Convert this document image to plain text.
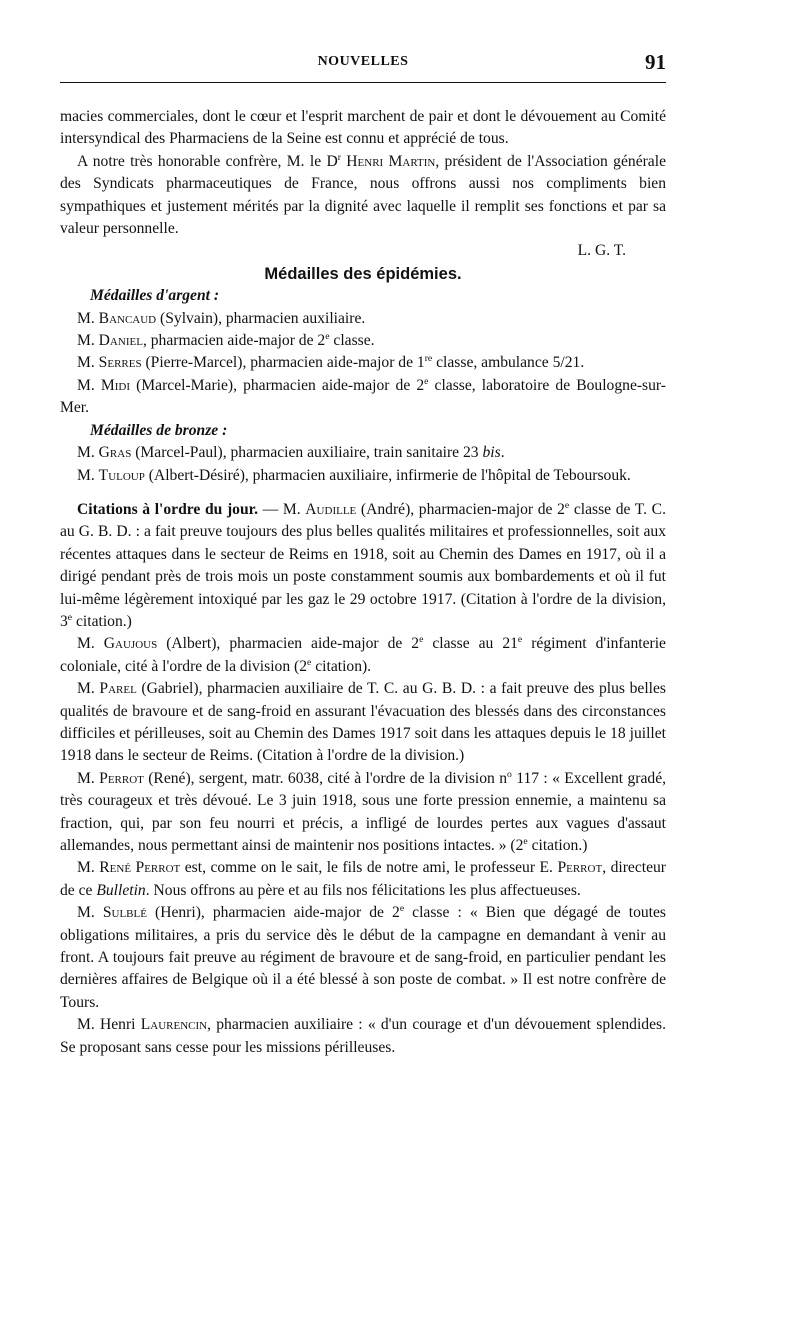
NOUVELLES	91

macies commerciales, dont le cœur et l'esprit marchent de pair et dont le dévouement au Comité intersyndical des Pharmaciens de la Seine est connu et apprécié de tous.

A notre très honorable confrère, M. le $D^r$ Henri Martin, président de l'Association générale des Syndicats pharmaceutiques de France, nous offrons aussi nos compliments bien sympathiques et justement mérités par la dignité avec laquelle il remplit ses fonctions et par sa valeur personnelle.

L. G. T.

Médailles des épidémies.

Médailles d'argent :

M. Bancaud (Sylvain), pharmacien auxiliaire.

M. Daniel, pharmacien aide-major de 2e classe.

M. Serres (Pierre-Marcel), pharmacien aide-major de 1re classe, ambulance 5/21.

M. Midi (Marcel-Marie), pharmacien aide-major de 2e classe, laboratoire de Boulogne-sur-Mer.

Médailles de bronze :

M. Gras (Marcel-Paul), pharmacien auxiliaire, train sanitaire 23 bis.

M. Tuloup (Albert-Désiré), pharmacien auxiliaire, infirmerie de l'hôpital de Teboursouk.

Citations à l'ordre du jour. — M. Audille (André), pharmacien-major de 2e classe de T. C. au G. B. D. : a fait preuve toujours des plus belles qualités militaires et professionnelles, soit aux récentes attaques dans le secteur de Reims en 1918, soit au Chemin des Dames en 1917, où il a dirigé pendant près de trois mois un poste constamment soumis aux bombardements et où il fut lui-même légèrement intoxiqué par les gaz le 29 octobre 1917. (Citation à l'ordre de la division, 3e citation.)

M. Gaujous (Albert), pharmacien aide-major de 2e classe au 21e régiment d'infanterie coloniale, cité à l'ordre de la division (2e citation).

M. Parel (Gabriel), pharmacien auxiliaire de T. C. au G. B. D. : a fait preuve des plus belles qualités de bravoure et de sang-froid en assurant l'évacuation des blessés dans des circonstances difficiles et périlleuses, soit au Chemin des Dames 1917 soit dans les attaques depuis le 18 juillet 1918 dans le secteur de Reims. (Citation à l'ordre de la division.)

M. Perrot (René), sergent, matr. 6038, cité à l'ordre de la division $n^o$ 117 : « Excellent gradé, très courageux et très dévoué. Le 3 juin 1918, sous une forte pression ennemie, a maintenu sa fraction, qui, par son feu nourri et précis, a infligé de lourdes pertes aux vagues d'assaut allemandes, nous permettant ainsi de maintenir nos positions intactes. » (2e citation.)

M. René Perrot est, comme on le sait, le fils de notre ami, le professeur E. Perrot, directeur de ce Bulletin. Nous offrons au père et au fils nos félicitations les plus affectueuses.

M. Sulblé (Henri), pharmacien aide-major de 2e classe : « Bien que dégagé de toutes obligations militaires, a pris du service dès le début de la campagne en demandant à venir au front. A toujours fait preuve au régiment de bravoure et de sang-froid, en particulier pendant les dernières affaires de Belgique où il a été blessé à son poste de combat. » Il est notre confrère de Tours.

M. Henri Laurencin, pharmacien auxiliaire : « d'un courage et d'un dévouement splendides. Se proposant sans cesse pour les missions périlleuses.
